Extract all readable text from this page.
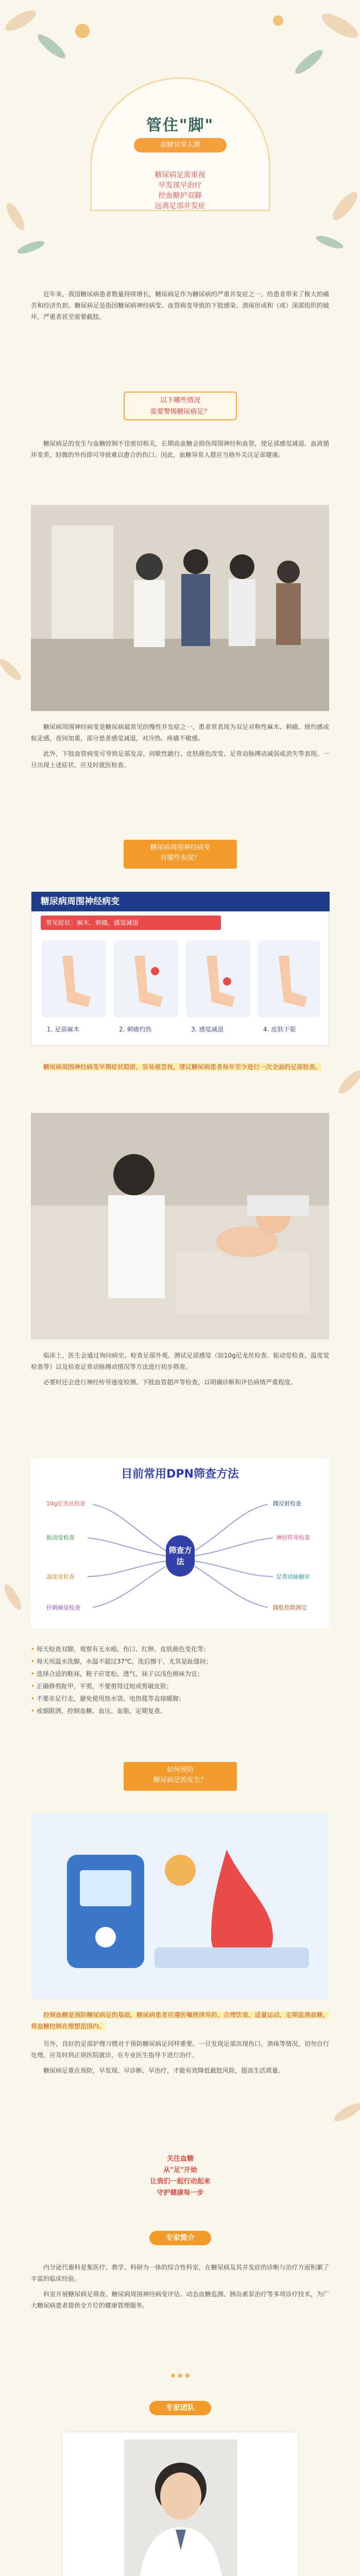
管住"脚"
血糖异常人群
糖尿病足需重视
早发现早治疗
控血糖护双脚
远离足部并发症

近年来，我国糖尿病患者数量持续增长，糖尿病足作为糖尿病的严重并发症之一，给患者带来了极大的痛苦和经济负担。糖尿病足是指因糖尿病神经病变、血管病变导致的下肢感染、溃疡形成和（或）深部组织的破坏，严重者甚至需要截肢。

以下哪些情况
需要警惕糖尿病足？

糖尿病足的发生与血糖控制不佳密切相关，长期高血糖会损伤周围神经和血管，使足部感觉减退、血液循环变差，轻微的外伤即可导致难以愈合的伤口。因此，血糖异常人群应当格外关注足部健康。

糖尿病周围神经病变是糖尿病最常见的慢性并发症之一，患者常表现为双足对称性麻木、刺痛、烧灼感或蚁走感，夜间加重，部分患者感觉减退，对冷热、疼痛不敏感。

此外，下肢血管病变可导致足部发凉、间歇性跛行、皮肤颜色改变、足背动脉搏动减弱或消失等表现。一旦出现上述症状，应及时就医检查。

糖尿病周围神经病变
有哪些表现？
糖尿病周围神经病变
常见症状：麻木、刺痛、感觉减退
1. 足部麻木	2. 刺痛灼热	3. 感觉减退	4. 皮肤干裂

糖尿病周围神经病变早期症状隐匿，容易被忽视，建议糖尿病患者每年至少进行一次全面的足部检查。

临床上，医生会通过询问病史、检查足部外观、测试足部感觉（如10g尼龙丝检查、振动觉检查、温度觉检查等）以及检查足背动脉搏动情况等方法进行初步筛查。

必要时还会进行神经传导速度检测、下肢血管超声等检查，以明确诊断和评估病情严重程度。

目前常用DPN筛查方法
筛查方法
10g尼龙丝检查
振动觉检查
温度觉检查
针刺痛觉检查
踝反射检查
神经传导检查
足背动脉触诊
踝肱指数测定
• 每天检查双脚，观察有无水疱、伤口、红肿、皮肤颜色变化等；
• 每天用温水洗脚，水温不超过37℃，洗后擦干，尤其是趾缝间；
• 选择合适的鞋袜，鞋子应宽松、透气，袜子以浅色棉袜为宜；
• 正确修剪趾甲，平剪，不要剪得过短或剪破皮肤；
• 不要赤足行走，避免使用热水袋、电热毯等直接暖脚；
• 戒烟限酒，控制血糖、血压、血脂，定期复查。
如何预防
糖尿病足的发生？

控制血糖是预防糖尿病足的基础，糖尿病患者应遵医嘱规律用药，合理饮食，适量运动，定期监测血糖，将血糖控制在理想范围内。

另外，良好的足部护理习惯对于预防糖尿病足同样重要。一旦发现足部出现伤口、溃疡等情况，切勿自行处理，应及时到正规医院就诊，在专业医生指导下进行治疗。

糖尿病足重在预防，早发现、早诊断、早治疗，才能有效降低截肢风险，提高生活质量。

关注血糖
从"足"开始
让我们一起行动起来
守护健康每一步
专家简介

内分泌代谢科是集医疗、教学、科研为一体的综合性科室，在糖尿病及其并发症的诊断与治疗方面积累了丰富的临床经验。

科室开展糖尿病足筛查、糖尿病周围神经病变评估、动态血糖监测、胰岛素泵治疗等多项诊疗技术，为广大糖尿病患者提供全方位的健康管理服务。

专家团队
